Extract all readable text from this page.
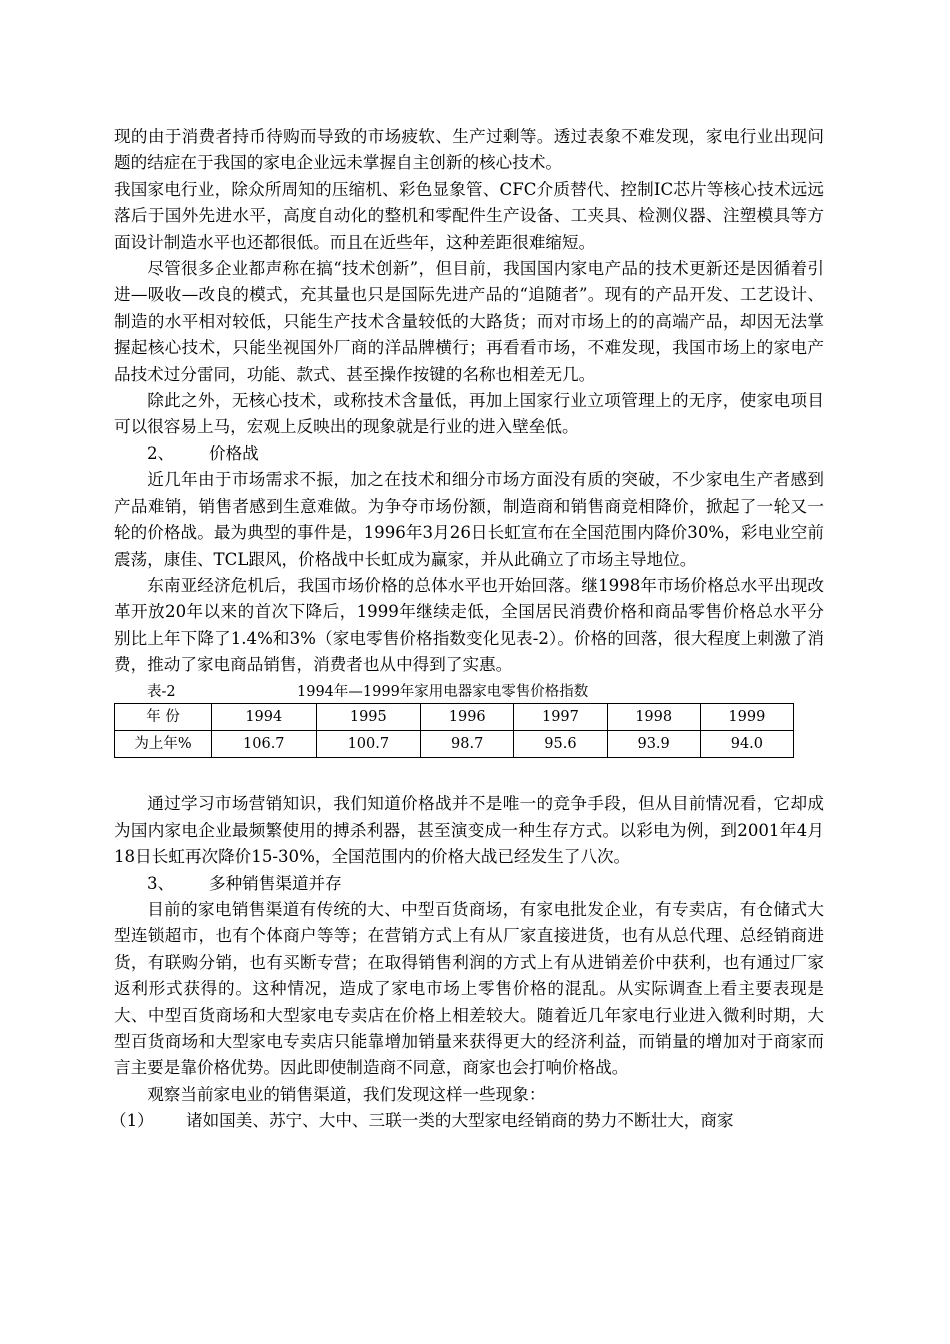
现的由于消费者持币待购而导致的市场疲软、生产过剩等。透过表象不难发现，家电行业出现问题的结症在于我国的家电企业远未掌握自主创新的核心技术。

我国家电行业，除众所周知的压缩机、彩色显象管、CFC介质替代、控制IC芯片等核心技术远远落后于国外先进水平，高度自动化的整机和零配件生产设备、工夹具、检测仪器、注塑模具等方面设计制造水平也还都很低。而且在近些年，这种差距很难缩短。

尽管很多企业都声称在搞“技术创新”，但目前，我国国内家电产品的技术更新还是因循着引进—吸收—改良的模式，充其量也只是国际先进产品的“追随者”。现有的产品开发、工艺设计、制造的水平相对较低，只能生产技术含量较低的大路货；而对市场上的的高端产品，却因无法掌握起核心技术，只能坐视国外厂商的洋品牌横行；再看看市场，不难发现，我国市场上的家电产品技术过分雷同，功能、款式、甚至操作按键的名称也相差无几。

除此之外，无核心技术，或称技术含量低，再加上国家行业立项管理上的无序，使家电项目可以很容易上马，宏观上反映出的现象就是行业的进入壁垒低。

2、 价格战

近几年由于市场需求不振，加之在技术和细分市场方面没有质的突破，不少家电生产者感到产品难销，销售者感到生意难做。为争夺市场份额，制造商和销售商竞相降价，掀起了一轮又一轮的价格战。最为典型的事件是，1996年3月26日长虹宣布在全国范围内降价30%，彩电业空前震荡，康佳、TCL跟风，价格战中长虹成为赢家，并从此确立了市场主导地位。

东南亚经济危机后，我国市场价格的总体水平也开始回落。继1998年市场价格总水平出现改革开放20年以来的首次下降后，1999年继续走低，全国居民消费价格和商品零售价格总水平分别比上年下降了1.4%和3%（家电零售价格指数变化见表-2）。价格的回落，很大程度上刺激了消费，推动了家电商品销售，消费者也从中得到了实惠。

表-2	1994年—1999年家用电器家电零售价格指数
年 份	1994	1995	1996	1997	1998	1999
为上年%	106.7	100.7	98.7	95.6	93.9	94.0

通过学习市场营销知识，我们知道价格战并不是唯一的竞争手段，但从目前情况看，它却成为国内家电企业最频繁使用的搏杀利器，甚至演变成一种生存方式。以彩电为例，到2001年4月18日长虹再次降价15-30%，全国范围内的价格大战已经发生了八次。

3、 多种销售渠道并存

目前的家电销售渠道有传统的大、中型百货商场，有家电批发企业，有专卖店，有仓储式大型连锁超市，也有个体商户等等；在营销方式上有从厂家直接进货，也有从总代理、总经销商进货，有联购分销，也有买断专营；在取得销售利润的方式上有从进销差价中获利，也有通过厂家返利形式获得的。这种情况，造成了家电市场上零售价格的混乱。从实际调查上看主要表现是大、中型百货商场和大型家电专卖店在价格上相差较大。随着近几年家电行业进入微利时期，大型百货商场和大型家电专卖店只能靠增加销量来获得更大的经济利益，而销量的增加对于商家而言主要是靠价格优势。因此即使制造商不同意，商家也会打响价格战。

观察当前家电业的销售渠道，我们发现这样一些现象：

（1） 诸如国美、苏宁、大中、三联一类的大型家电经销商的势力不断壮大，商家
